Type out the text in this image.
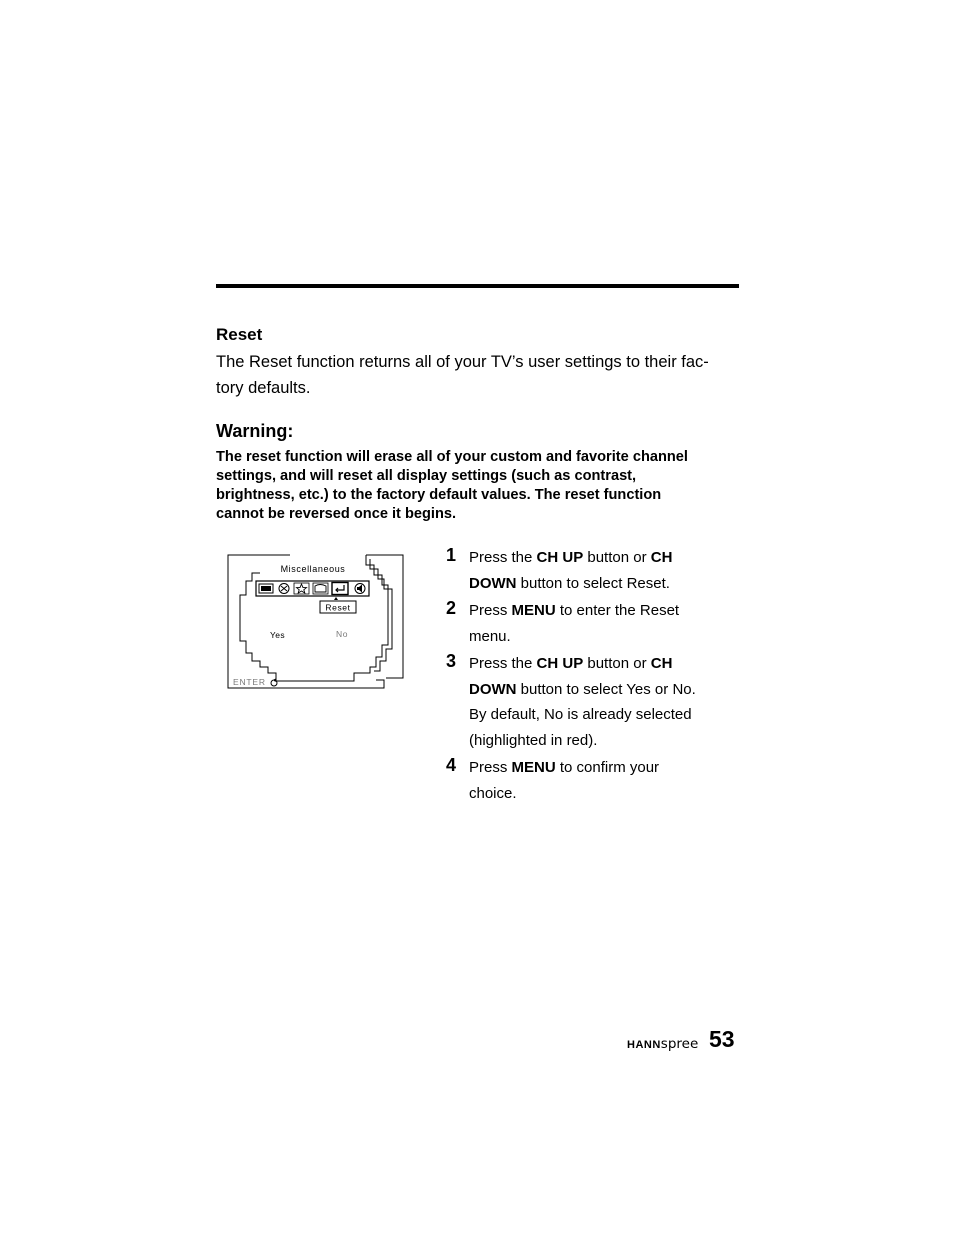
Reset
The Reset function returns all of your TV’s user settings to their fac-
tory defaults.
Warning:
The reset function will erase all of your custom and favorite channel
settings, and will reset all display settings (such as contrast,
brightness, etc.) to the factory default values. The reset function
cannot be reversed once it begins.
Miscellaneous
Reset
Yes	No
ENTER
1 Press the CH UP button or CH
DOWN button to select Reset.
2 Press MENU to enter the Reset
menu.
3 Press the CH UP button or CH
DOWN button to select Yes or No.
By default, No is already selected
(highlighted in red).
4 Press MENU to confirm your
choice.
HANNspree 53
